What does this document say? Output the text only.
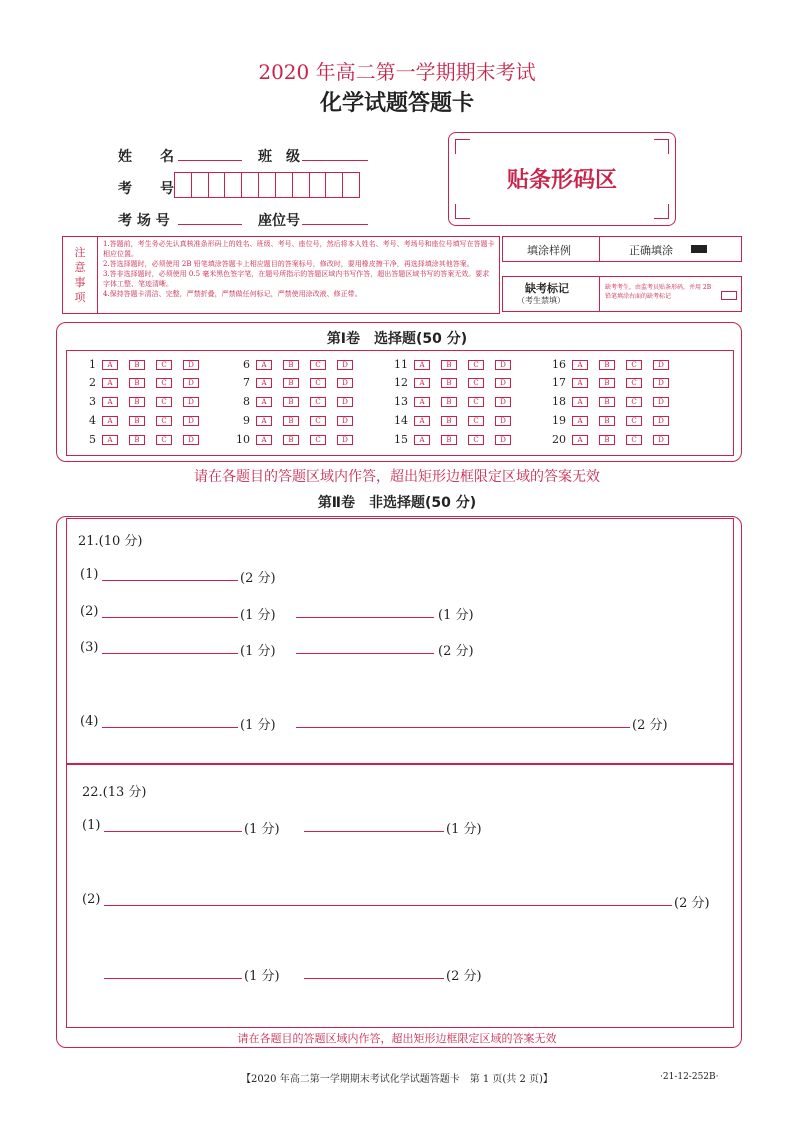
2020 年高二第一学期期末考试
化学试题答题卡
姓　　名	班　级
考　　号
考 场 号	座位号
贴条形码区
注
意
事
项
1.答题前，考生务必先认真核准条形码上的姓名、班级、考号、座位号，然后将本人姓名、考号、考场号和座位号填写在答题卡相应位置。
2.答选择题时，必须使用 2B 铅笔填涂答题卡上相应题目的答案标号，修改时，要用橡皮擦干净，再选择填涂其他答案。
3.答非选择题时，必须使用 0.5 毫米黑色签字笔，在题号所指示的答题区域内书写作答，超出答题区域书写的答案无效。要求字体工整、笔迹清晰。
4.保持答题卡清洁、完整，严禁折叠，严禁做任何标记，严禁使用涂改液、修正带。
填涂样例	正确填涂
缺考标记
（考生禁填）
缺考考生，由监考员贴条形码，并用 2B 铅笔填涂右面的缺考标记
第Ⅰ卷　选择题(50 分)
1	A	B	C	D
2	A	B	C	D
3	A	B	C	D
4	A	B	C	D
5	A	B	C	D
6	A	B	C	D
7	A	B	C	D
8	A	B	C	D
9	A	B	C	D
10	A	B	C	D
11	A	B	C	D
12	A	B	C	D
13	A	B	C	D
14	A	B	C	D
15	A	B	C	D
16	A	B	C	D
17	A	B	C	D
18	A	B	C	D
19	A	B	C	D
20	A	B	C	D
请在各题目的答题区域内作答，超出矩形边框限定区域的答案无效
第Ⅱ卷　非选择题(50 分)
21.(10 分)
(1)	(2 分)
(2)	(1 分)	(1 分)
(3)	(1 分)	(2 分)
(4)	(1 分)	(2 分)
22.(13 分)
(1)	(1 分)	(1 分)
(2)	(2 分)
(1 分)	(2 分)
请在各题目的答题区域内作答，超出矩形边框限定区域的答案无效
【2020 年高二第一学期期末考试化学试题答题卡　第 1 页(共 2 页)】	·21-12-252B·
